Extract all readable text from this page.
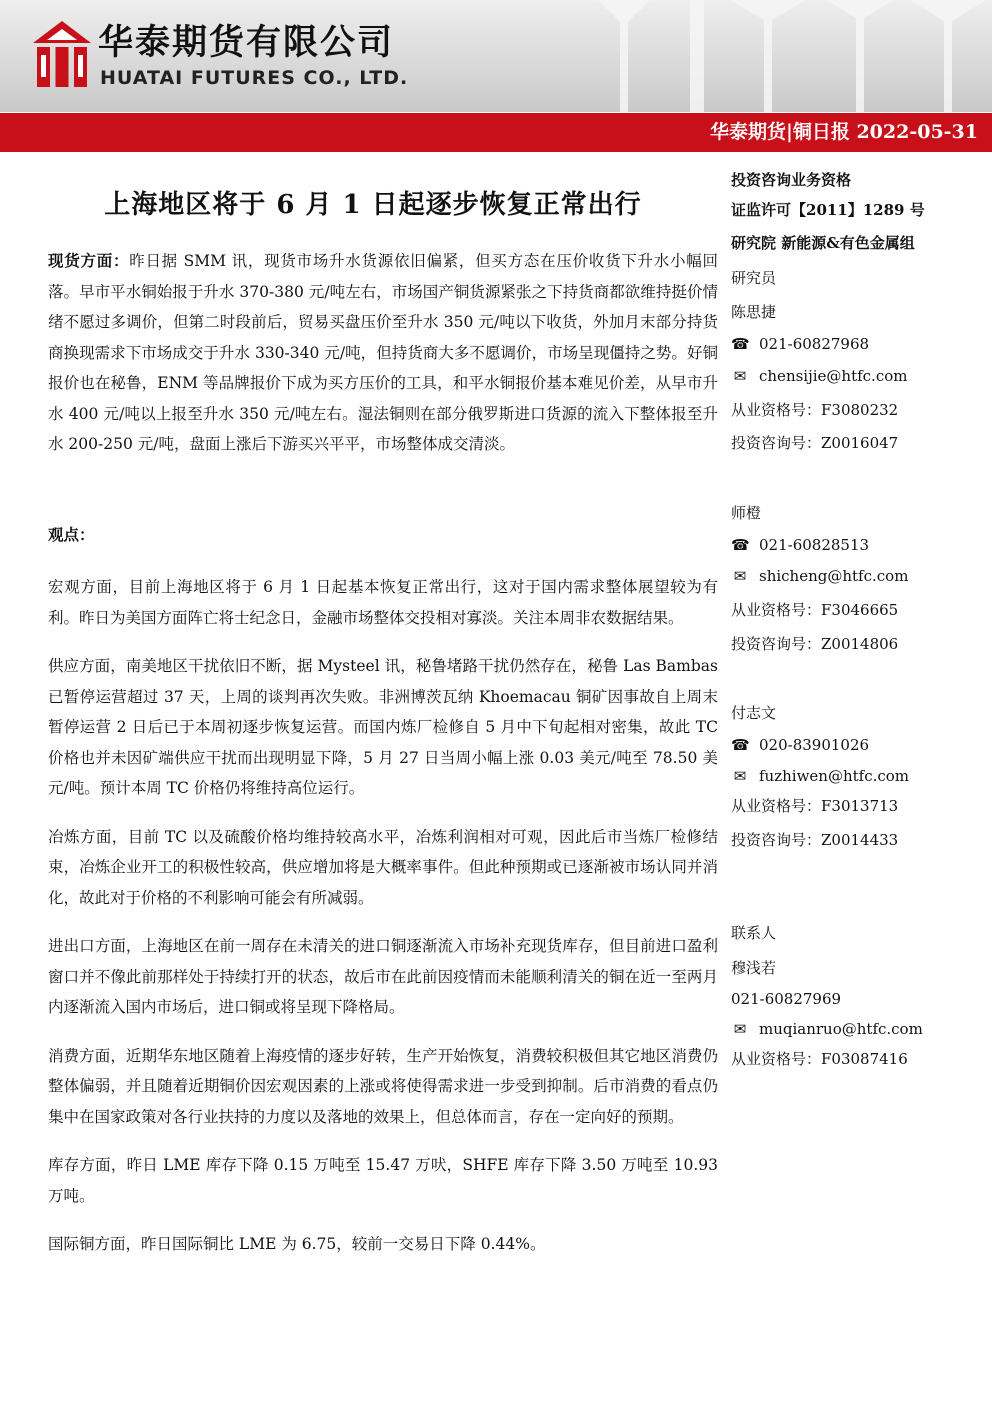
华泰期货有限公司
HUATAI FUTURES CO., LTD.
华泰期货|铜日报 2022-05-31
上海地区将于 6 月 1 日起逐步恢复正常出行

现货方面：昨日据 SMM 讯，现货市场升水货源依旧偏紧，但买方态在压价收货下升水小幅回落。早市平水铜始报于升水 370-380 元/吨左右，市场国产铜货源紧张之下持货商都欲维持挺价情绪不愿过多调价，但第二时段前后，贸易买盘压价至升水 350 元/吨以下收货，外加月末部分持货商换现需求下市场成交于升水 330-340 元/吨，但持货商大多不愿调价，市场呈现僵持之势。好铜报价也在秘鲁，ENM 等品牌报价下成为买方压价的工具，和平水铜报价基本难见价差，从早市升水 400 元/吨以上报至升水 350 元/吨左右。湿法铜则在部分俄罗斯进口货源的流入下整体报至升水 200-250 元/吨，盘面上涨后下游买兴平平，市场整体成交清淡。

观点：

宏观方面，目前上海地区将于 6 月 1 日起基本恢复正常出行，这对于国内需求整体展望较为有利。昨日为美国方面阵亡将士纪念日，金融市场整体交投相对寡淡。关注本周非农数据结果。

供应方面，南美地区干扰依旧不断，据 Mysteel 讯，秘鲁堵路干扰仍然存在，秘鲁 Las Bambas 已暂停运营超过 37 天，上周的谈判再次失败。非洲博茨瓦纳 Khoemacau 铜矿因事故自上周末暂停运营 2 日后已于本周初逐步恢复运营。而国内炼厂检修自 5 月中下旬起相对密集，故此 TC 价格也并未因矿端供应干扰而出现明显下降，5 月 27 日当周小幅上涨 0.03 美元/吨至 78.50 美元/吨。预计本周 TC 价格仍将维持高位运行。

冶炼方面，目前 TC 以及硫酸价格均维持较高水平，冶炼利润相对可观，因此后市当炼厂检修结束，冶炼企业开工的积极性较高，供应增加将是大概率事件。但此种预期或已逐渐被市场认同并消化，故此对于价格的不利影响可能会有所减弱。

进出口方面，上海地区在前一周存在未清关的进口铜逐渐流入市场补充现货库存，但目前进口盈利窗口并不像此前那样处于持续打开的状态，故后市在此前因疫情而未能顺利清关的铜在近一至两月内逐渐流入国内市场后，进口铜或将呈现下降格局。

消费方面，近期华东地区随着上海疫情的逐步好转，生产开始恢复，消费较积极但其它地区消费仍整体偏弱，并且随着近期铜价因宏观因素的上涨或将使得需求进一步受到抑制。后市消费的看点仍集中在国家政策对各行业扶持的力度以及落地的效果上，但总体而言，存在一定向好的预期。

库存方面，昨日 LME 库存下降 0.15 万吨至 15.47 万吠，SHFE 库存下降 3.50 万吨至 10.93 万吨。

国际铜方面，昨日国际铜比 LME 为 6.75，较前一交易日下降 0.44%。

投资咨询业务资格
证监许可【2011】1289 号
研究院 新能源&有色金属组
研究员
陈思捷
☎ 021-60827968
✉ chensijie@htfc.com
从业资格号：F3080232
投资咨询号：Z0016047
师橙
☎ 021-60828513
✉ shicheng@htfc.com
从业资格号：F3046665
投资咨询号：Z0014806
付志文
☎ 020-83901026
✉ fuzhiwen@htfc.com
从业资格号：F3013713
投资咨询号：Z0014433
联系人
穆浅若
021-60827969
✉ muqianruo@htfc.com
从业资格号：F03087416
